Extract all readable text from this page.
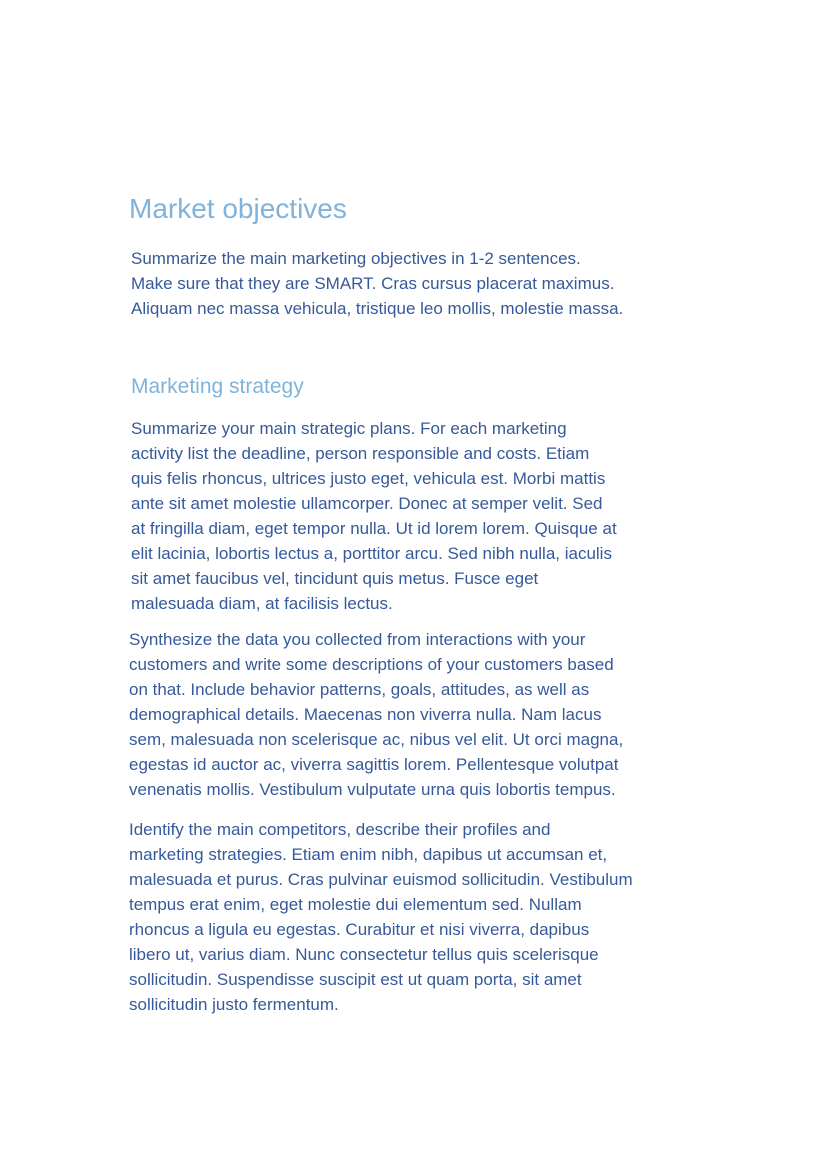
Market objectives
Summarize the main marketing objectives in 1-2 sentences.
Make sure that they are SMART. Cras cursus placerat maximus.
Aliquam nec massa vehicula, tristique leo mollis, molestie massa.
Marketing strategy
Summarize your main strategic plans. For each marketing
activity list the deadline, person responsible and costs. Etiam
quis felis rhoncus, ultrices justo eget, vehicula est. Morbi mattis
ante sit amet molestie ullamcorper. Donec at semper velit. Sed
at fringilla diam, eget tempor nulla. Ut id lorem lorem. Quisque at
elit lacinia, lobortis lectus a, porttitor arcu. Sed nibh nulla, iaculis
sit amet faucibus vel, tincidunt quis metus. Fusce eget
malesuada diam, at facilisis lectus.
Synthesize the data you collected from interactions with your
customers and write some descriptions of your customers based
on that. Include behavior patterns, goals, attitudes, as well as
demographical details. Maecenas non viverra nulla. Nam lacus
sem, malesuada non scelerisque ac, nibus vel elit. Ut orci magna,
egestas id auctor ac, viverra sagittis lorem. Pellentesque volutpat
venenatis mollis. Vestibulum vulputate urna quis lobortis tempus.
Identify the main competitors, describe their profiles and
marketing strategies. Etiam enim nibh, dapibus ut accumsan et,
malesuada et purus. Cras pulvinar euismod sollicitudin. Vestibulum
tempus erat enim, eget molestie dui elementum sed. Nullam
rhoncus a ligula eu egestas. Curabitur et nisi viverra, dapibus
libero ut, varius diam. Nunc consectetur tellus quis scelerisque
sollicitudin. Suspendisse suscipit est ut quam porta, sit amet
sollicitudin justo fermentum.
